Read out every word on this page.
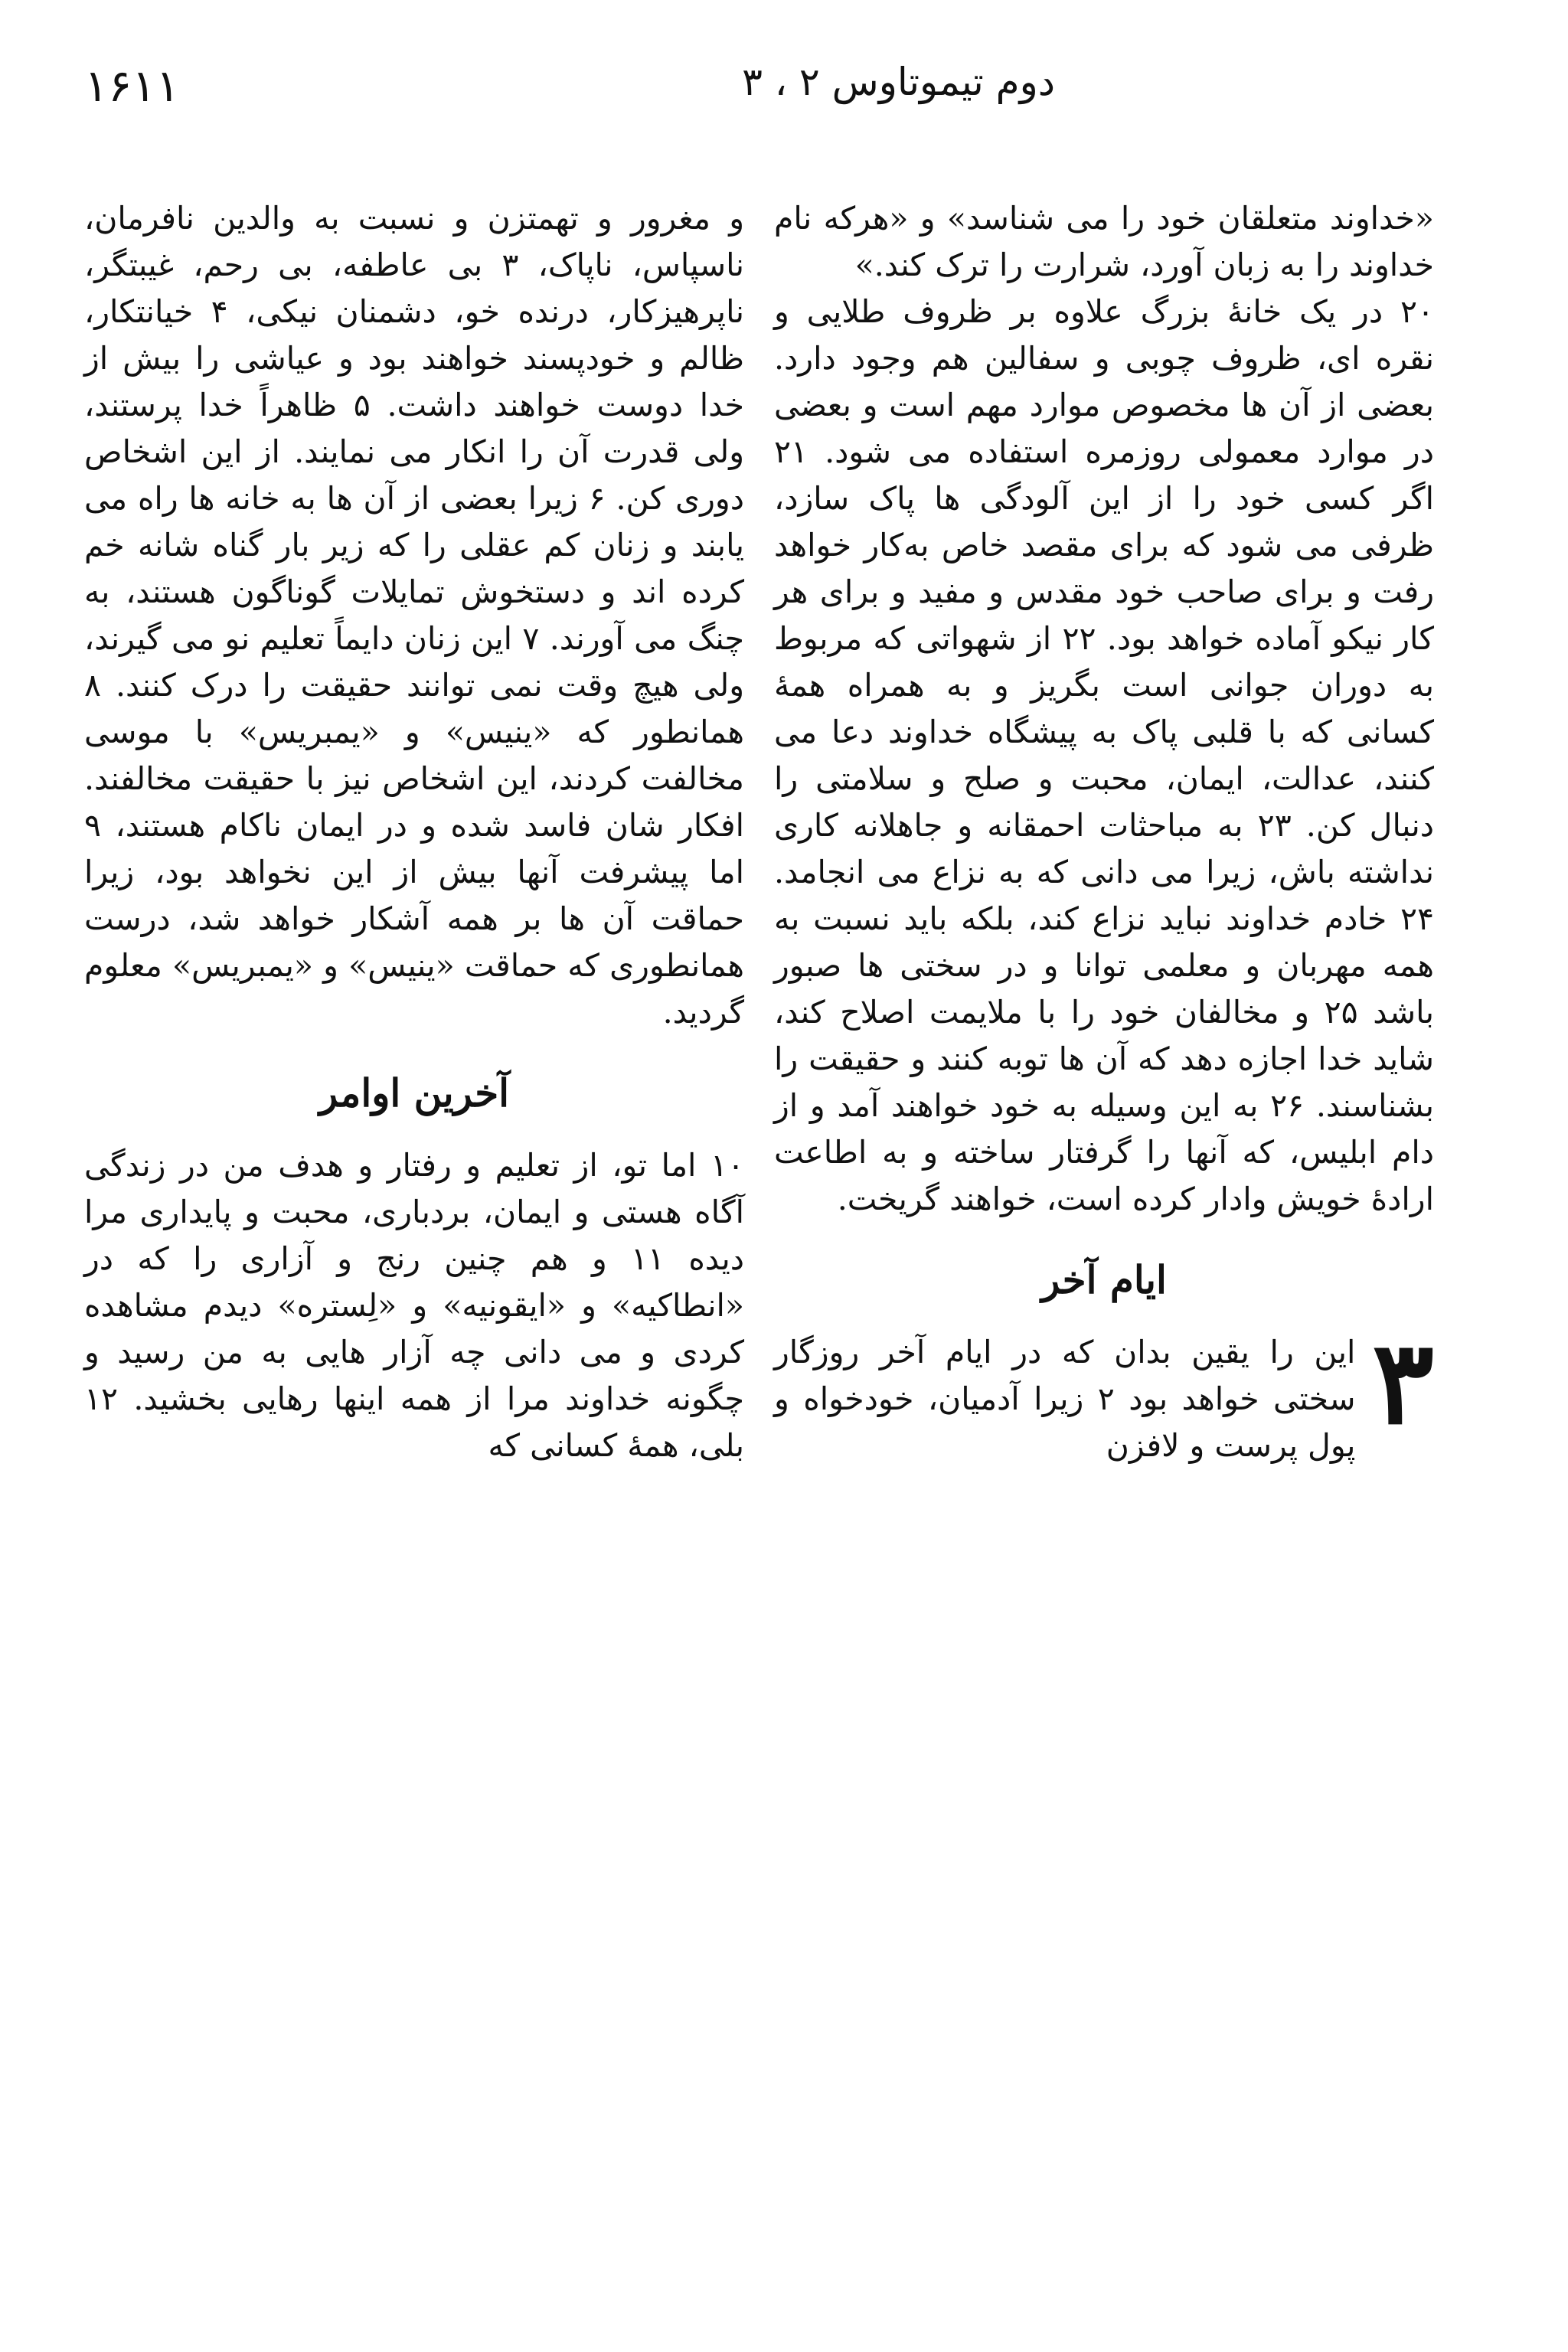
۱۶۱۱	دوم تیموتاوس ۲ ، ۳

«خداوند متعلقان خود را می شناسد» و «هرکه نام خداوند را به زبان آورد، شرارت را ترک کند.»

۲۰ در یک خانهٔ بزرگ علاوه بر ظروف طلایی و نقره ای، ظروف چوبی و سفالین هم وجود دارد. بعضی از آن ها مخصوص موارد مهم است و بعضی در موارد معمولی روزمره استفاده می شود. ۲۱ اگر کسی خود را از این آلودگی ها پاک سازد، ظرفی می شود که برای مقصد خاص به‌کار خواهد رفت و برای صاحب خود مقدس و مفید و برای هر کار نیکو آماده خواهد بود. ۲۲ از شهواتی که مربوط به دوران جوانی است بگریز و به همراه همهٔ کسانی که با قلبی پاک به پیشگاه خداوند دعا می کنند، عدالت، ایمان، محبت و صلح و سلامتی را دنبال کن. ۲۳ به مباحثات احمقانه و جاهلانه کاری نداشته باش، زیرا می دانی که به نزاع می انجامد. ۲۴ خادم خداوند نباید نزاع کند، بلکه باید نسبت به همه مهربان و معلمی توانا و در سختی ها صبور باشد ۲۵ و مخالفان خود را با ملایمت اصلاح کند، شاید خدا اجازه دهد که آن ها توبه کنند و حقیقت را بشناسند. ۲۶ به این وسیله به خود خواهند آمد و از دام ابلیس، که آنها را گرفتار ساخته و به اطاعت ارادهٔ خویش وادار کرده است، خواهند گریخت.

ایام آخر

۳
این را یقین بدان که در ایام آخر روزگار سختی خواهد بود ۲ زیرا آدمیان، خودخواه و پول پرست و لافزن

و مغرور و تهمتزن و نسبت به والدین نافرمان، ناسپاس، ناپاک، ۳ بی عاطفه، بی رحم، غیبتگر، ناپرهیزکار، درنده خو، دشمنان نیکی، ۴ خیانتکار، ظالم و خودپسند خواهند بود و عیاشی را بیش از خدا دوست خواهند داشت. ۵ ظاهراً خدا پرستند، ولی قدرت آن را انکار می نمایند. از این اشخاص دوری کن. ۶ زیرا بعضی از آن ها به خانه ها راه می یابند و زنان کم عقلی را که زیر بار گناه شانه خم کرده اند و دستخوش تمایلات گوناگون هستند، به چنگ می آورند. ۷ این زنان دایماً تعلیم نو می گیرند، ولی هیچ وقت نمی توانند حقیقت را درک کنند. ۸ همانطور که «ینیس» و «یمبریس» با موسی مخالفت کردند، این اشخاص نیز با حقیقت مخالفند. افکار شان فاسد شده و در ایمان ناکام هستند، ۹ اما پیشرفت آنها بیش از این نخواهد بود، زیرا حماقت آن ها بر همه آشکار خواهد شد، درست همانطوری که حماقت «ینیس» و «یمبریس» معلوم گردید.

آخرین اوامر

۱۰ اما تو، از تعلیم و رفتار و هدف من در زندگی آگاه هستی و ایمان، بردباری، محبت و پایداری مرا دیده ۱۱ و هم چنین رنج و آزاری را که در «انطاکیه» و «ایقونیه» و «لِستره» دیدم مشاهده کردی و می دانی چه آزار هایی به من رسید و چگونه خداوند مرا از همه اینها رهایی بخشید. ۱۲ بلی، همهٔ کسانی که
